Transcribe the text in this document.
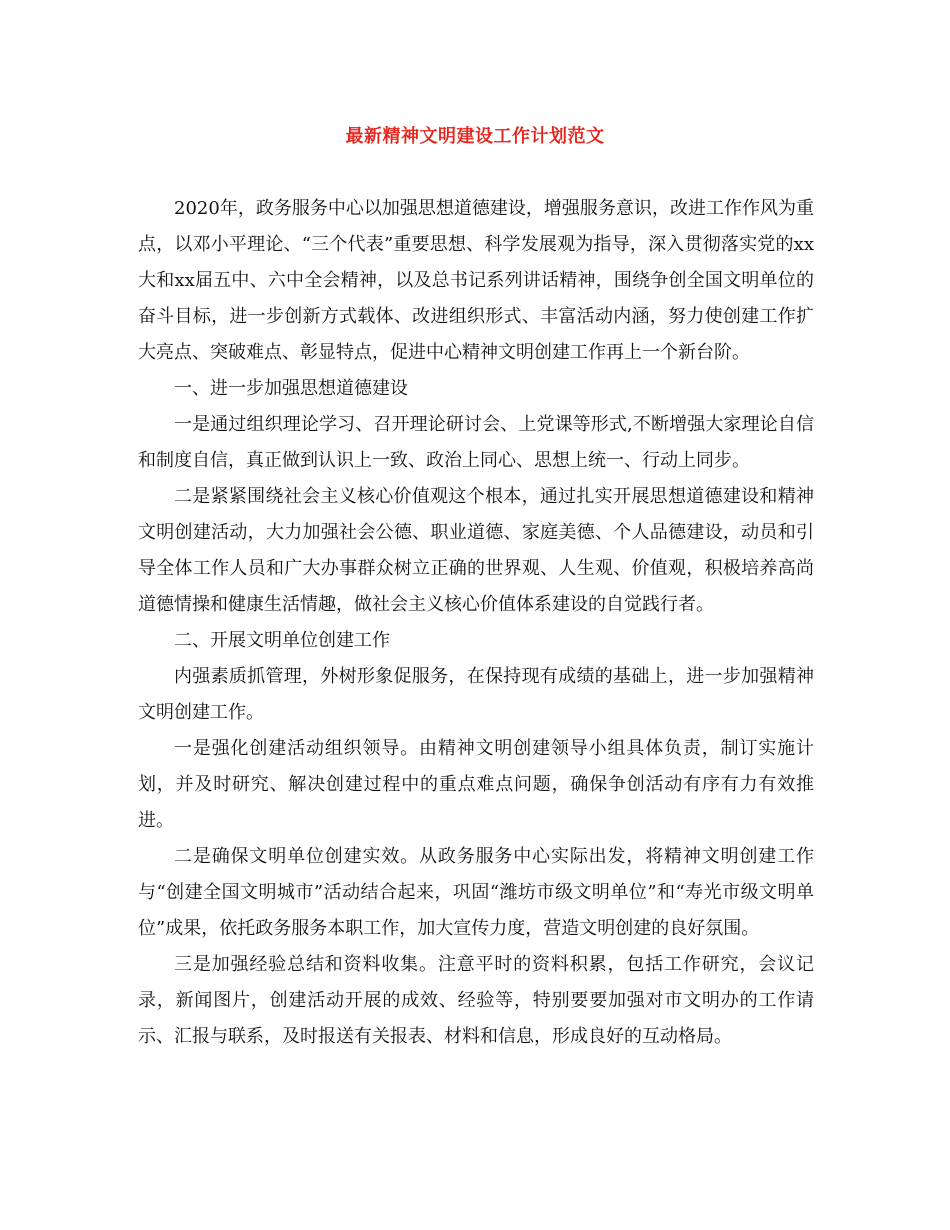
最新精神文明建设工作计划范文

2020年，政务服务中心以加强思想道德建设，增强服务意识，改进工作作风为重点，以邓小平理论、“三个代表”重要思想、科学发展观为指导，深入贯彻落实党的xx大和xx届五中、六中全会精神，以及总书记系列讲话精神，围绕争创全国文明单位的奋斗目标，进一步创新方式载体、改进组织形式、丰富活动内涵，努力使创建工作扩大亮点、突破难点、彰显特点，促进中心精神文明创建工作再上一个新台阶。

一、进一步加强思想道德建设

一是通过组织理论学习、召开理论研讨会、上党课等形式,不断增强大家理论自信和制度自信，真正做到认识上一致、政治上同心、思想上统一、行动上同步。

二是紧紧围绕社会主义核心价值观这个根本，通过扎实开展思想道德建设和精神文明创建活动，大力加强社会公德、职业道德、家庭美德、个人品德建设，动员和引导全体工作人员和广大办事群众树立正确的世界观、人生观、价值观，积极培养高尚道德情操和健康生活情趣，做社会主义核心价值体系建设的自觉践行者。

二、开展文明单位创建工作

内强素质抓管理，外树形象促服务，在保持现有成绩的基础上，进一步加强精神文明创建工作。

一是强化创建活动组织领导。由精神文明创建领导小组具体负责，制订实施计划，并及时研究、解决创建过程中的重点难点问题，确保争创活动有序有力有效推进。

二是确保文明单位创建实效。从政务服务中心实际出发，将精神文明创建工作与“创建全国文明城市”活动结合起来，巩固“潍坊市级文明单位”和“寿光市级文明单位”成果，依托政务服务本职工作，加大宣传力度，营造文明创建的良好氛围。

三是加强经验总结和资料收集。注意平时的资料积累，包括工作研究，会议记录，新闻图片，创建活动开展的成效、经验等，特别要要加强对市文明办的工作请示、汇报与联系，及时报送有关报表、材料和信息，形成良好的互动格局。
